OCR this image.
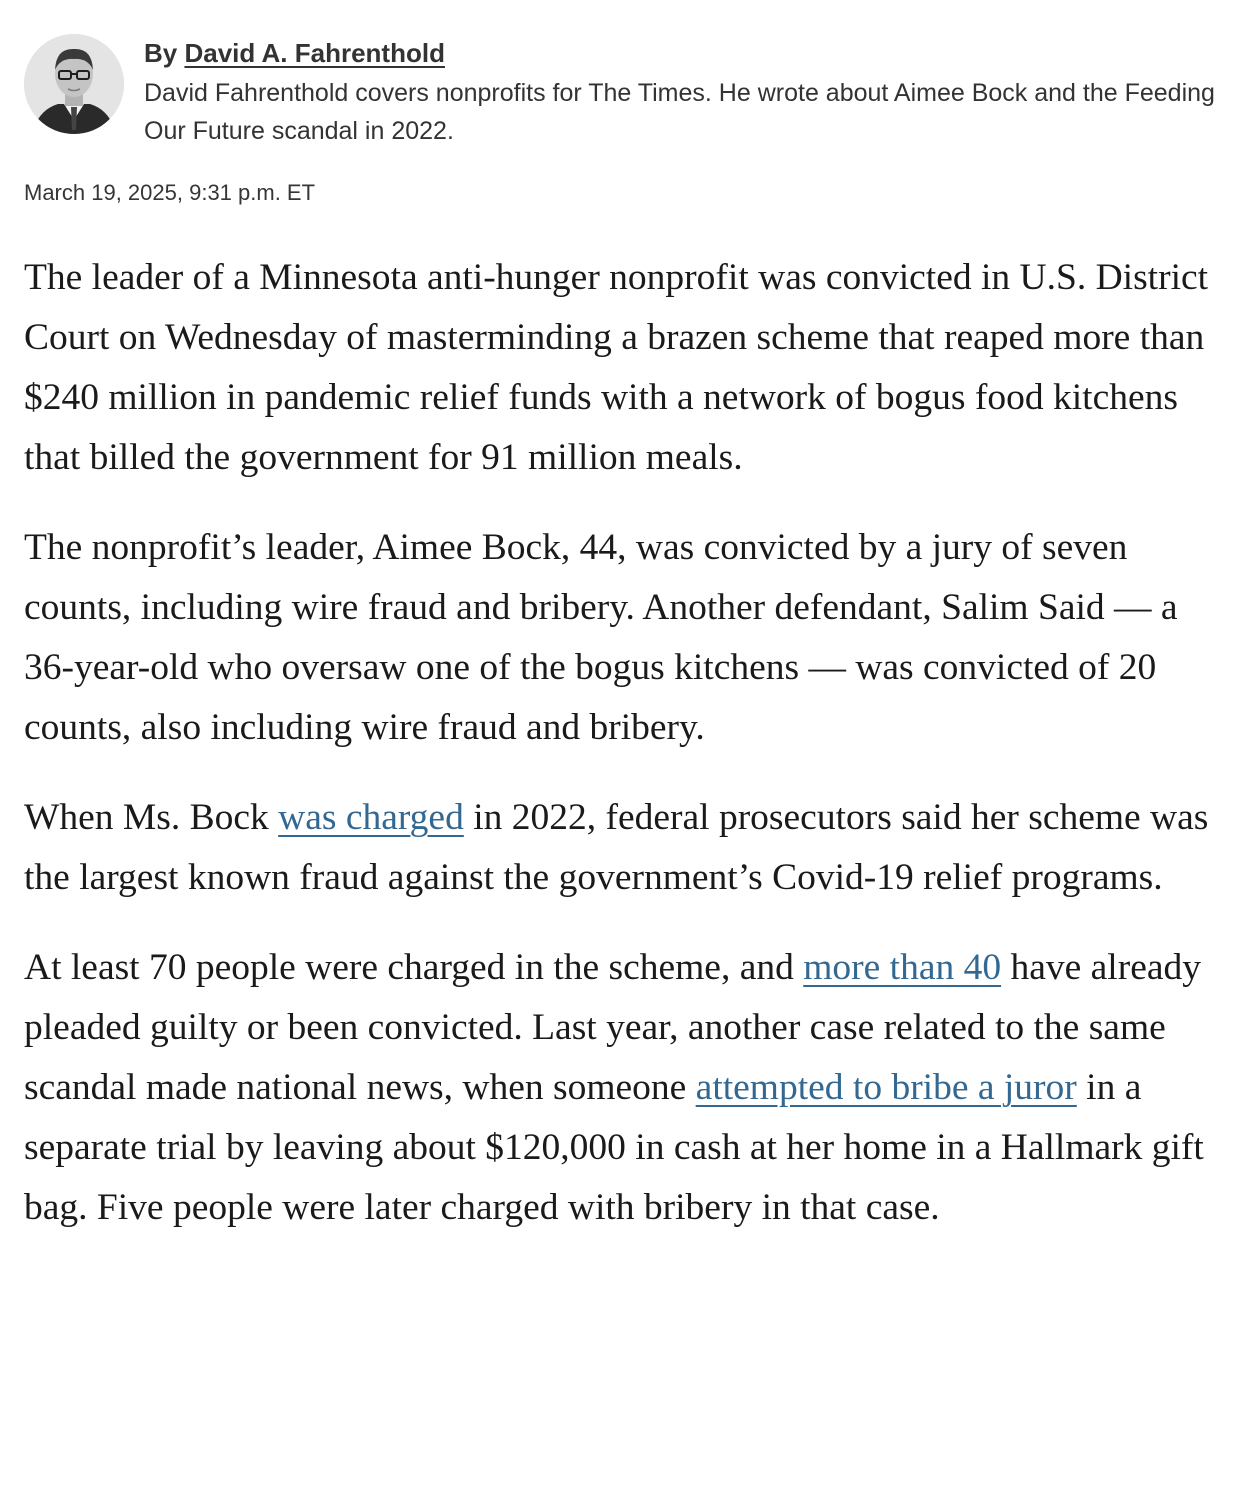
By David A. Fahrenthold

David Fahrenthold covers nonprofits for The Times. He wrote about Aimee Bock and the Feeding Our Future scandal in 2022.

March 19, 2025, 9:31 p.m. ET

The leader of a Minnesota anti-hunger nonprofit was convicted in U.S. District Court on Wednesday of masterminding a brazen scheme that reaped more than $240 million in pandemic relief funds with a network of bogus food kitchens that billed the government for 91 million meals.

The nonprofit’s leader, Aimee Bock, 44, was convicted by a jury of seven counts, including wire fraud and bribery. Another defendant, Salim Said — a 36-year-old who oversaw one of the bogus kitchens — was convicted of 20 counts, also including wire fraud and bribery.

When Ms. Bock was charged in 2022, federal prosecutors said her scheme was the largest known fraud against the government’s Covid-19 relief programs.

At least 70 people were charged in the scheme, and more than 40 have already pleaded guilty or been convicted. Last year, another case related to the same scandal made national news, when someone attempted to bribe a juror in a separate trial by leaving about $120,000 in cash at her home in a Hallmark gift bag. Five people were later charged with bribery in that case.
